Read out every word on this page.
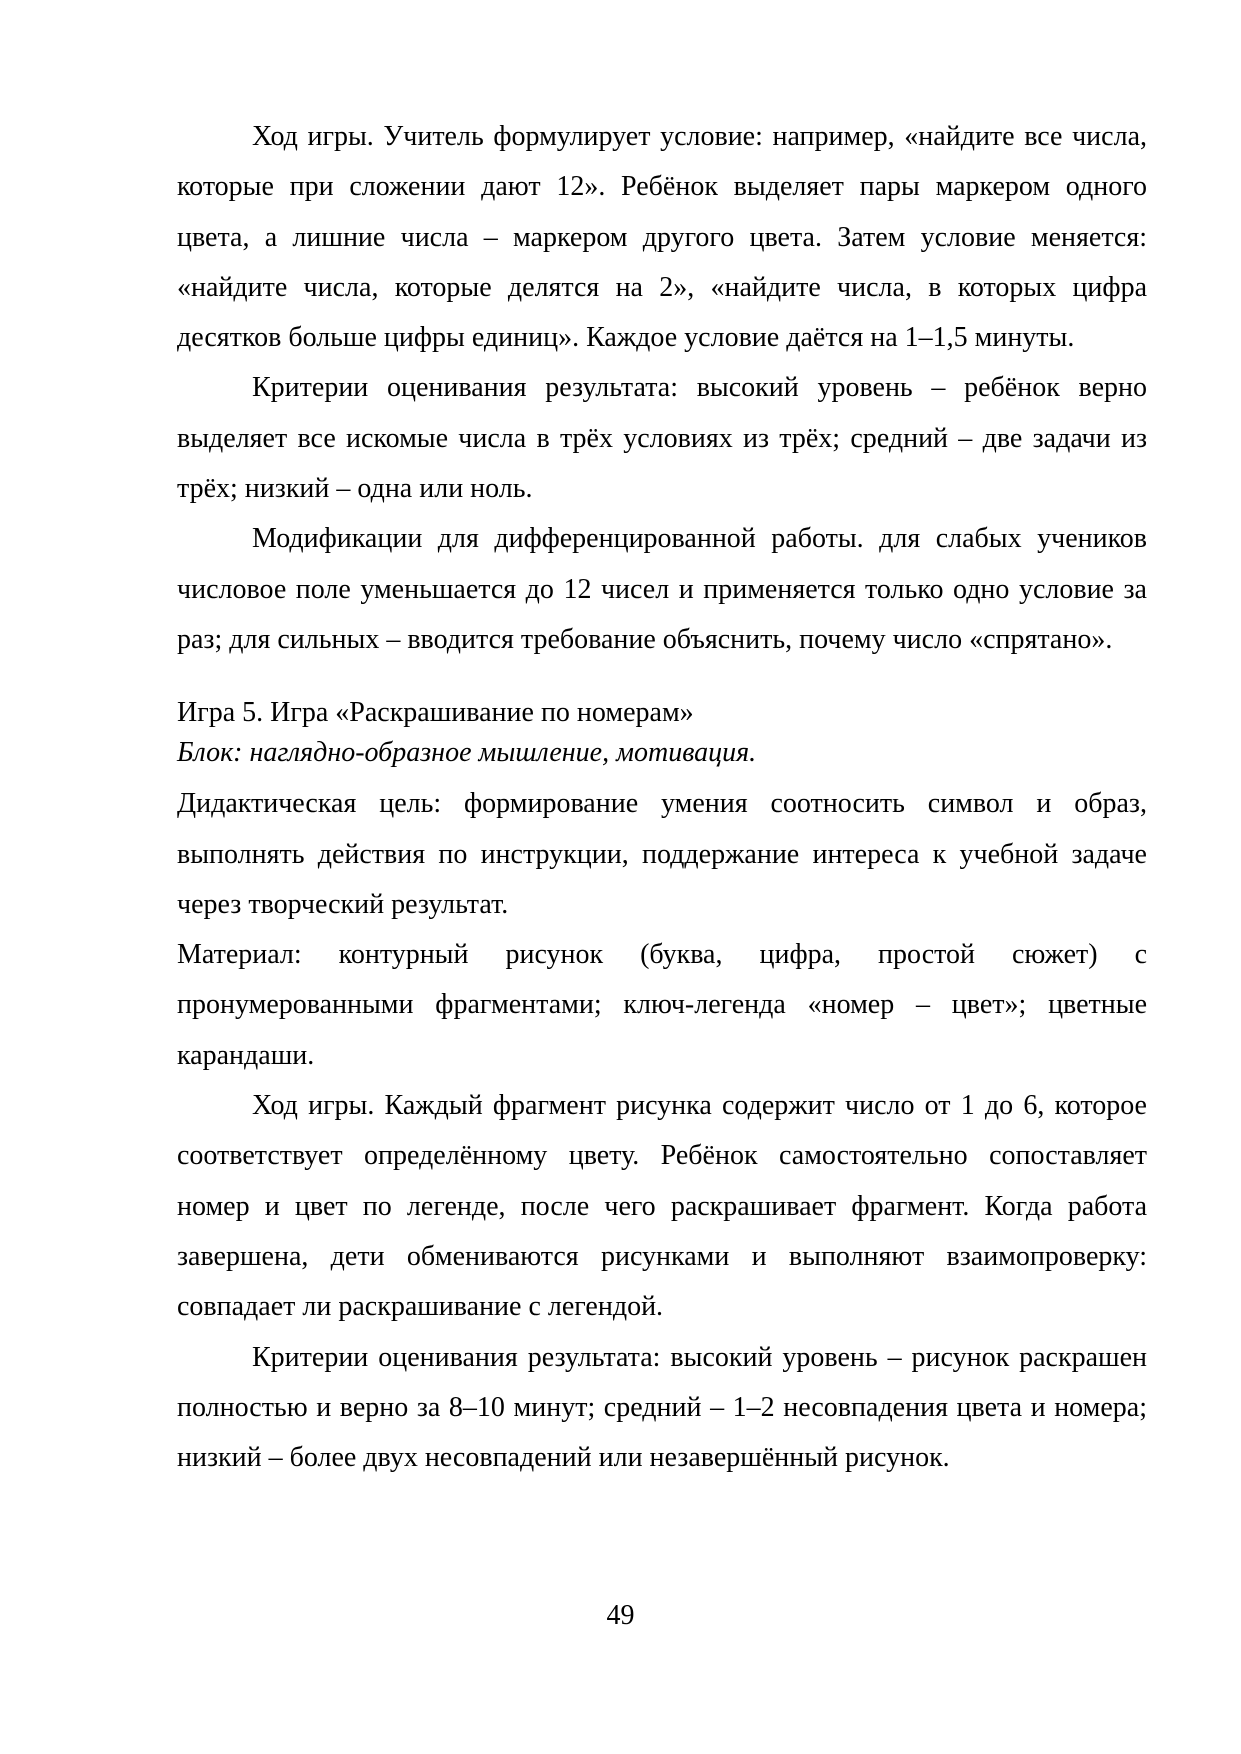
Ход игры. Учитель формулирует условие: например, «найдите все числа, которые при сложении дают 12». Ребёнок выделяет пары маркером одного цвета, а лишние числа – маркером другого цвета. Затем условие меняется: «найдите числа, которые делятся на 2», «найдите числа, в которых цифра десятков больше цифры единиц». Каждое условие даётся на 1–1,5 минуты.

Критерии оценивания результата: высокий уровень – ребёнок верно выделяет все искомые числа в трёх условиях из трёх; средний – две задачи из трёх; низкий – одна или ноль.

Модификации для дифференцированной работы. для слабых учеников числовое поле уменьшается до 12 чисел и применяется только одно условие за раз; для сильных – вводится требование объяснить, почему число «спрятано».

Игра 5. Игра «Раскрашивание по номерам»

Блок: наглядно-образное мышление, мотивация.

Дидактическая цель: формирование умения соотносить символ и образ, выполнять действия по инструкции, поддержание интереса к учебной задаче через творческий результат.

Материал: контурный рисунок (буква, цифра, простой сюжет) с пронумерованными фрагментами; ключ-легенда «номер – цвет»; цветные карандаши.

Ход игры. Каждый фрагмент рисунка содержит число от 1 до 6, которое соответствует определённому цвету. Ребёнок самостоятельно сопоставляет номер и цвет по легенде, после чего раскрашивает фрагмент. Когда работа завершена, дети обмениваются рисунками и выполняют взаимопроверку: совпадает ли раскрашивание с легендой.

Критерии оценивания результата: высокий уровень – рисунок раскрашен полностью и верно за 8–10 минут; средний – 1–2 несовпадения цвета и номера; низкий – более двух несовпадений или незавершённый рисунок.

49
